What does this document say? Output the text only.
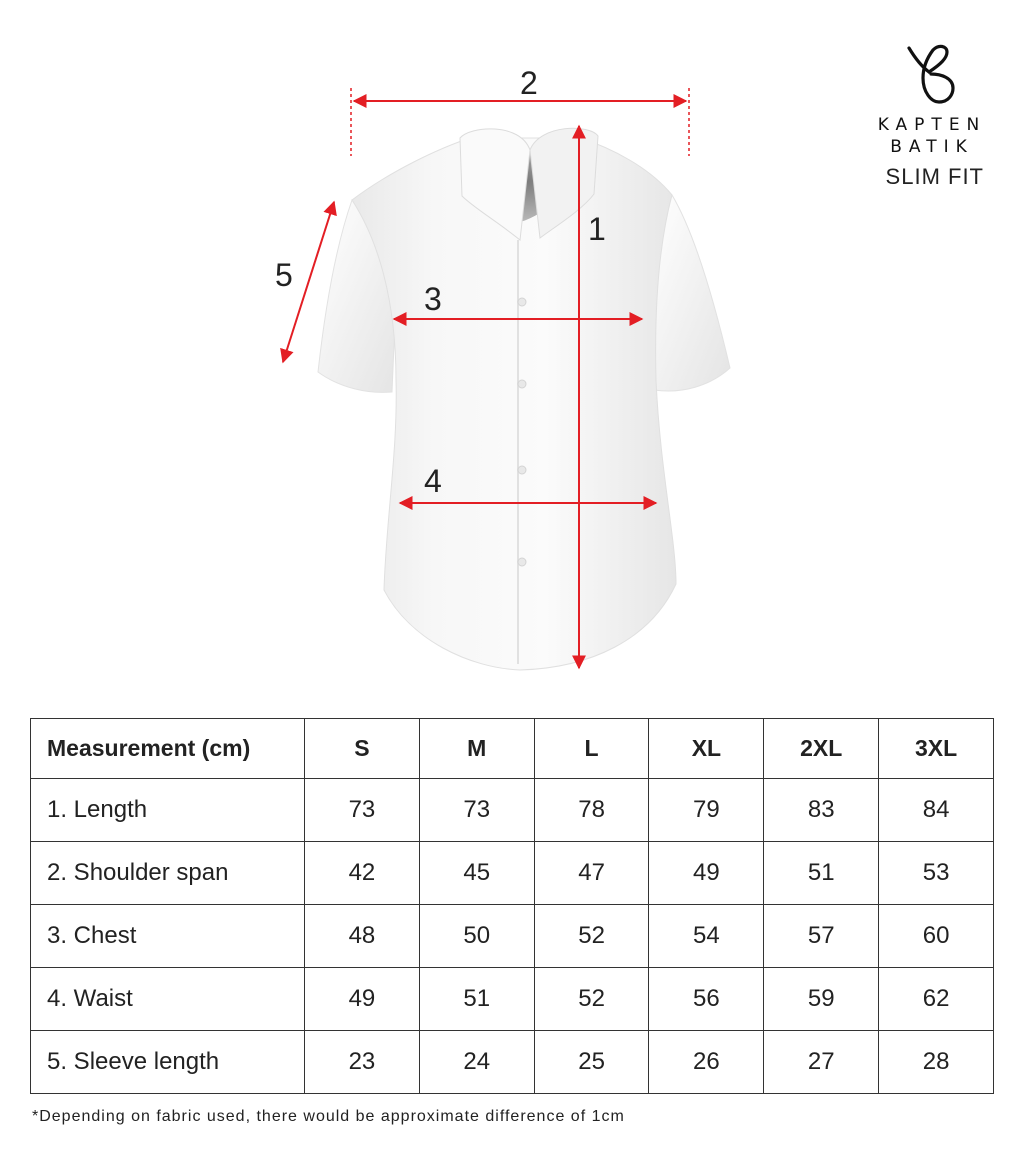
1
2
3
4
5
KAPTEN
BATIK
SLIM FIT
Measurement (cm)	S	M	L	XL	2XL	3XL
1. Length	73	73	78	79	83	84
2. Shoulder span	42	45	47	49	51	53
3. Chest	48	50	52	54	57	60
4. Waist	49	51	52	56	59	62
5. Sleeve length	23	24	25	26	27	28
*Depending on fabric used, there would be approximate difference of 1cm
